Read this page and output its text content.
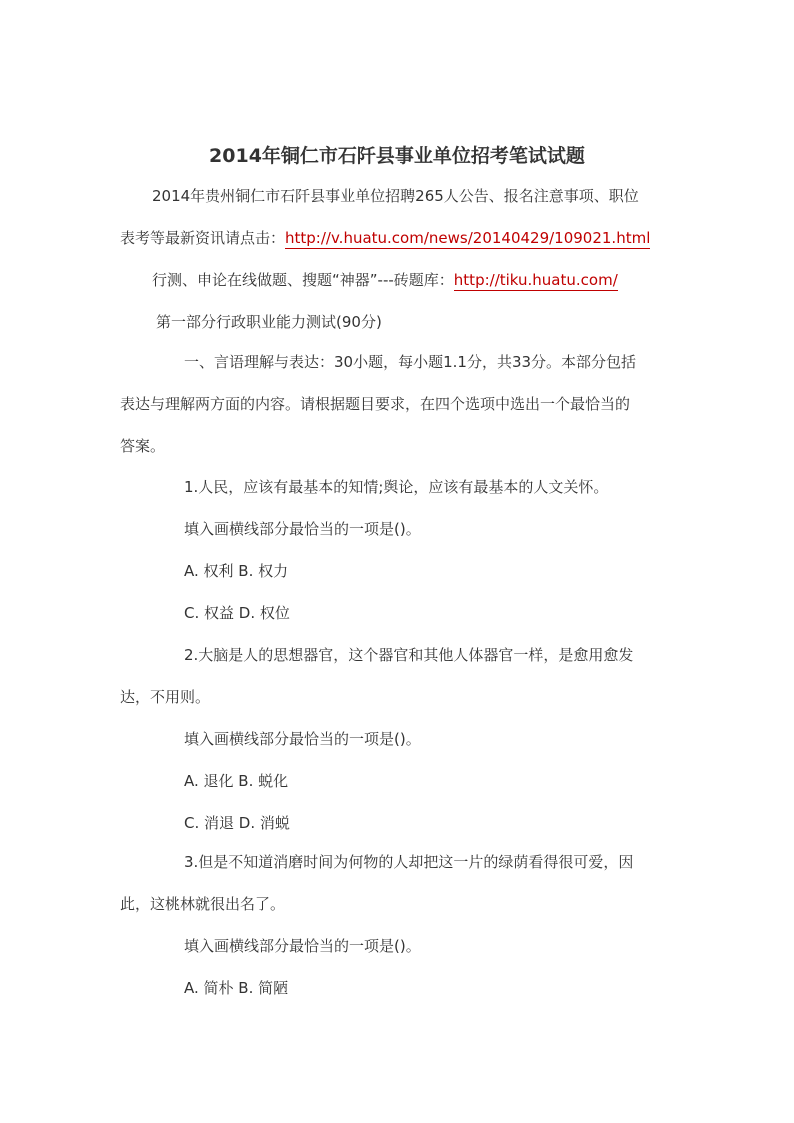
2014年铜仁市石阡县事业单位招考笔试试题
2014年贵州铜仁市石阡县事业单位招聘265人公告、报名注意事项、职位
表考等最新资讯请点击：http://v.huatu.com/news/20140429/109021.html
行测、申论在线做题、搜题“神器”---砖题库：http://tiku.huatu.com/
第一部分行政职业能力测试(90分)
一、言语理解与表达：30小题，每小题1.1分，共33分。本部分包括
表达与理解两方面的内容。请根据题目要求，在四个选项中选出一个最恰当的
答案。
1.人民，应该有最基本的知情;舆论，应该有最基本的人文关怀。
填入画横线部分最恰当的一项是()。
A. 权利 B. 权力
C. 权益 D. 权位
2.大脑是人的思想器官，这个器官和其他人体器官一样，是愈用愈发
达，不用则。
填入画横线部分最恰当的一项是()。
A. 退化 B. 蜕化
C. 消退 D. 消蜕
3.但是不知道消磨时间为何物的人却把这一片的绿荫看得很可爱，因
此，这桃林就很出名了。
填入画横线部分最恰当的一项是()。
A. 简朴 B. 简陋
